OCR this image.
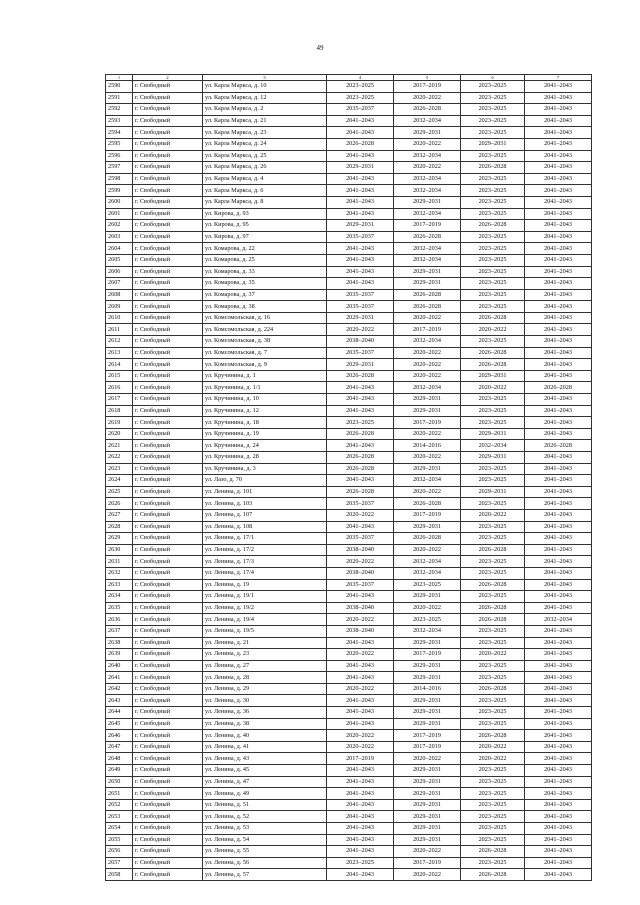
49
1	2	3	4	5	6	7
2590	г. Свободный	ул. Карла Маркса, д. 10	2023–2025	2017–2019	2023–2025	2041–2043
2591	г. Свободный	ул. Карла Маркса, д. 12	2023–2025	2020–2022	2023–2025	2041–2043
2592	г. Свободный	ул. Карла Маркса, д. 2	2035–2037	2026–2028	2023–2025	2041–2043
2593	г. Свободный	ул. Карла Маркса, д. 21	2041–2043	2032–2034	2023–2025	2041–2043
2594	г. Свободный	ул. Карла Маркса, д. 23	2041–2043	2029–2031	2023–2025	2041–2043
2595	г. Свободный	ул. Карла Маркса, д. 24	2026–2028	2020–2022	2029–2031	2041–2043
2596	г. Свободный	ул. Карла Маркса, д. 25	2041–2043	2032–2034	2023–2025	2041–2043
2597	г. Свободный	ул. Карла Маркса, д. 26	2029–2031	2020–2022	2026–2028	2041–2043
2598	г. Свободный	ул. Карла Маркса, д. 4	2041–2043	2032–2034	2023–2025	2041–2043
2599	г. Свободный	ул. Карла Маркса, д. 6	2041–2043	2032–2034	2023–2025	2041–2043
2600	г. Свободный	ул. Карла Маркса, д. 8	2041–2043	2029–2031	2023–2025	2041–2043
2601	г. Свободный	ул. Кирова, д. 93	2041–2043	2032–2034	2023–2025	2041–2043
2602	г. Свободный	ул. Кирова, д. 95	2029–2031	2017–2019	2026–2028	2041–2043
2603	г. Свободный	ул. Кирова, д. 97	2035–2037	2026–2028	2023–2025	2041–2043
2604	г. Свободный	ул. Комарова, д. 22	2041–2043	2032–2034	2023–2025	2041–2043
2605	г. Свободный	ул. Комарова, д. 25	2041–2043	2032–2034	2023–2025	2041–2043
2606	г. Свободный	ул. Комарова, д. 33	2041–2043	2029–2031	2023–2025	2041–2043
2607	г. Свободный	ул. Комарова, д. 35	2041–2043	2029–2031	2023–2025	2041–2043
2608	г. Свободный	ул. Комарова, д. 37	2035–2037	2026–2028	2023–2025	2041–2043
2609	г. Свободный	ул. Комарова, д. 38	2035–2037	2026–2028	2023–2025	2041–2043
2610	г. Свободный	ул. Комсомольская, д. 16	2029–2031	2020–2022	2026–2028	2041–2043
2611	г. Свободный	ул. Комсомольская, д. 224	2020–2022	2017–2019	2020–2022	2041–2043
2612	г. Свободный	ул. Комсомольская, д. 38	2038–2040	2032–2034	2023–2025	2041–2043
2613	г. Свободный	ул. Комсомольская, д. 7	2035–2037	2020–2022	2026–2028	2041–2043
2614	г. Свободный	ул. Комсомольская, д. 9	2029–2031	2020–2022	2026–2028	2041–2043
2615	г. Свободный	ул. Кручинина, д. 1	2026–2028	2020–2022	2029–2031	2041–2043
2616	г. Свободный	ул. Кручинина, д. 1/1	2041–2043	2032–2034	2020–2022	2026–2028
2617	г. Свободный	ул. Кручинина, д. 10	2041–2043	2029–2031	2023–2025	2041–2043
2618	г. Свободный	ул. Кручинина, д. 12	2041–2043	2029–2031	2023–2025	2041–2043
2619	г. Свободный	ул. Кручинина, д. 18	2023–2025	2017–2019	2023–2025	2041–2043
2620	г. Свободный	ул. Кручинина, д. 19	2026–2028	2020–2022	2029–2031	2041–2043
2621	г. Свободный	ул. Кручинина, д. 24	2041–2043	2014–2016	2032–2034	2026–2028
2622	г. Свободный	ул. Кручинина, д. 28	2026–2028	2020–2022	2029–2031	2041–2043
2623	г. Свободный	ул. Кручинина, д. 3	2026–2028	2029–2031	2023–2025	2041–2043
2624	г. Свободный	ул. Лазо, д. 70	2041–2043	2032–2034	2023–2025	2041–2043
2625	г. Свободный	ул. Ленина, д. 101	2026–2028	2020–2022	2029–2031	2041–2043
2626	г. Свободный	ул. Ленина, д. 103	2035–2037	2026–2028	2023–2025	2041–2043
2627	г. Свободный	ул. Ленина, д. 107	2020–2022	2017–2019	2020–2022	2041–2043
2628	г. Свободный	ул. Ленина, д. 108	2041–2043	2029–2031	2023–2025	2041–2043
2629	г. Свободный	ул. Ленина, д. 17/1	2035–2037	2026–2028	2023–2025	2041–2043
2630	г. Свободный	ул. Ленина, д. 17/2	2038–2040	2020–2022	2026–2028	2041–2043
2631	г. Свободный	ул. Ленина, д. 17/3	2020–2022	2032–2034	2023–2025	2041–2043
2632	г. Свободный	ул. Ленина, д. 17/4	2038–2040	2032–2034	2023–2025	2041–2043
2633	г. Свободный	ул. Ленина, д. 19	2035–2037	2023–2025	2026–2028	2041–2043
2634	г. Свободный	ул. Ленина, д. 19/1	2041–2043	2029–2031	2023–2025	2041–2043
2635	г. Свободный	ул. Ленина, д. 19/2	2038–2040	2020–2022	2026–2028	2041–2043
2636	г. Свободный	ул. Ленина, д. 19/4	2020–2022	2023–2025	2026–2028	2032–2034
2637	г. Свободный	ул. Ленина, д. 19/5	2038–2040	2032–2034	2023–2025	2041–2043
2638	г. Свободный	ул. Ленина, д. 21	2041–2043	2029–2031	2023–2025	2041–2043
2639	г. Свободный	ул. Ленина, д. 23	2020–2022	2017–2019	2020–2022	2041–2043
2640	г. Свободный	ул. Ленина, д. 27	2041–2043	2029–2031	2023–2025	2041–2043
2641	г. Свободный	ул. Ленина, д. 28	2041–2043	2029–2031	2023–2025	2041–2043
2642	г. Свободный	ул. Ленина, д. 29	2020–2022	2014–2016	2026–2028	2041–2043
2643	г. Свободный	ул. Ленина, д. 30	2041–2043	2029–2031	2023–2025	2041–2043
2644	г. Свободный	ул. Ленина, д. 36	2041–2043	2029–2031	2023–2025	2041–2043
2645	г. Свободный	ул. Ленина, д. 38	2041–2043	2029–2031	2023–2025	2041–2043
2646	г. Свободный	ул. Ленина, д. 40	2020–2022	2017–2019	2026–2028	2041–2043
2647	г. Свободный	ул. Ленина, д. 41	2020–2022	2017–2019	2020–2022	2041–2043
2648	г. Свободный	ул. Ленина, д. 43	2017–2019	2020–2022	2020–2022	2041–2043
2649	г. Свободный	ул. Ленина, д. 45	2041–2043	2029–2031	2023–2025	2041–2043
2650	г. Свободный	ул. Ленина, д. 47	2041–2043	2029–2031	2023–2025	2041–2043
2651	г. Свободный	ул. Ленина, д. 49	2041–2043	2029–2031	2023–2025	2041–2043
2652	г. Свободный	ул. Ленина, д. 51	2041–2043	2029–2031	2023–2025	2041–2043
2653	г. Свободный	ул. Ленина, д. 52	2041–2043	2029–2031	2023–2025	2041–2043
2654	г. Свободный	ул. Ленина, д. 53	2041–2043	2029–2031	2023–2025	2041–2043
2655	г. Свободный	ул. Ленина, д. 54	2041–2043	2029–2031	2023–2025	2041–2043
2656	г. Свободный	ул. Ленина, д. 55	2041–2043	2020–2022	2026–2028	2041–2043
2657	г. Свободный	ул. Ленина, д. 56	2023–2025	2017–2019	2023–2025	2041–2043
2658	г. Свободный	ул. Ленина, д. 57	2041–2043	2020–2022	2026–2028	2041–2043
